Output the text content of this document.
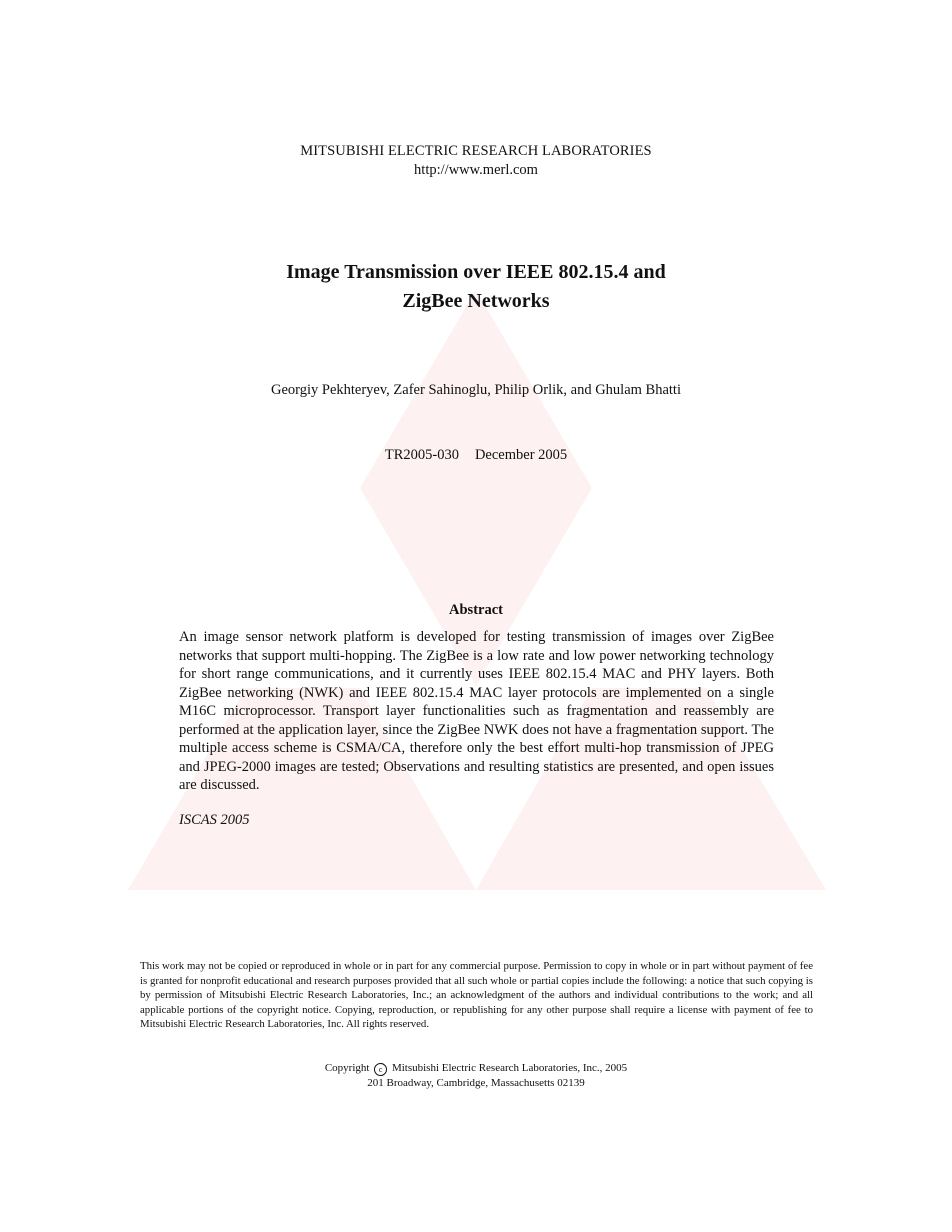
MITSUBISHI ELECTRIC RESEARCH LABORATORIES
http://www.merl.com
Image Transmission over IEEE 802.15.4 and
ZigBee Networks
Georgiy Pekhteryev, Zafer Sahinoglu, Philip Orlik, and Ghulam Bhatti
TR2005-030 December 2005
Abstract
An image sensor network platform is developed for testing transmission of images over ZigBee networks that support multi-hopping. The ZigBee is a low rate and low power networking technology for short range communications, and it currently uses IEEE 802.15.4 MAC and PHY layers. Both ZigBee networking (NWK) and IEEE 802.15.4 MAC layer protocols are implemented on a single M16C microprocessor. Transport layer functionalities such as fragmentation and reassembly are performed at the application layer, since the ZigBee NWK does not have a fragmentation support. The multiple access scheme is CSMA/CA, therefore only the best effort multi-hop transmission of JPEG and JPEG-2000 images are tested; Observations and resulting statistics are presented, and open issues are discussed.
ISCAS 2005
This work may not be copied or reproduced in whole or in part for any commercial purpose. Permission to copy in whole or in part without payment of fee is granted for nonprofit educational and research purposes provided that all such whole or partial copies include the following: a notice that such copying is by permission of Mitsubishi Electric Research Laboratories, Inc.; an acknowledgment of the authors and individual contributions to the work; and all applicable portions of the copyright notice. Copying, reproduction, or republishing for any other purpose shall require a license with payment of fee to Mitsubishi Electric Research Laboratories, Inc. All rights reserved.
Copyright c Mitsubishi Electric Research Laboratories, Inc., 2005
201 Broadway, Cambridge, Massachusetts 02139
